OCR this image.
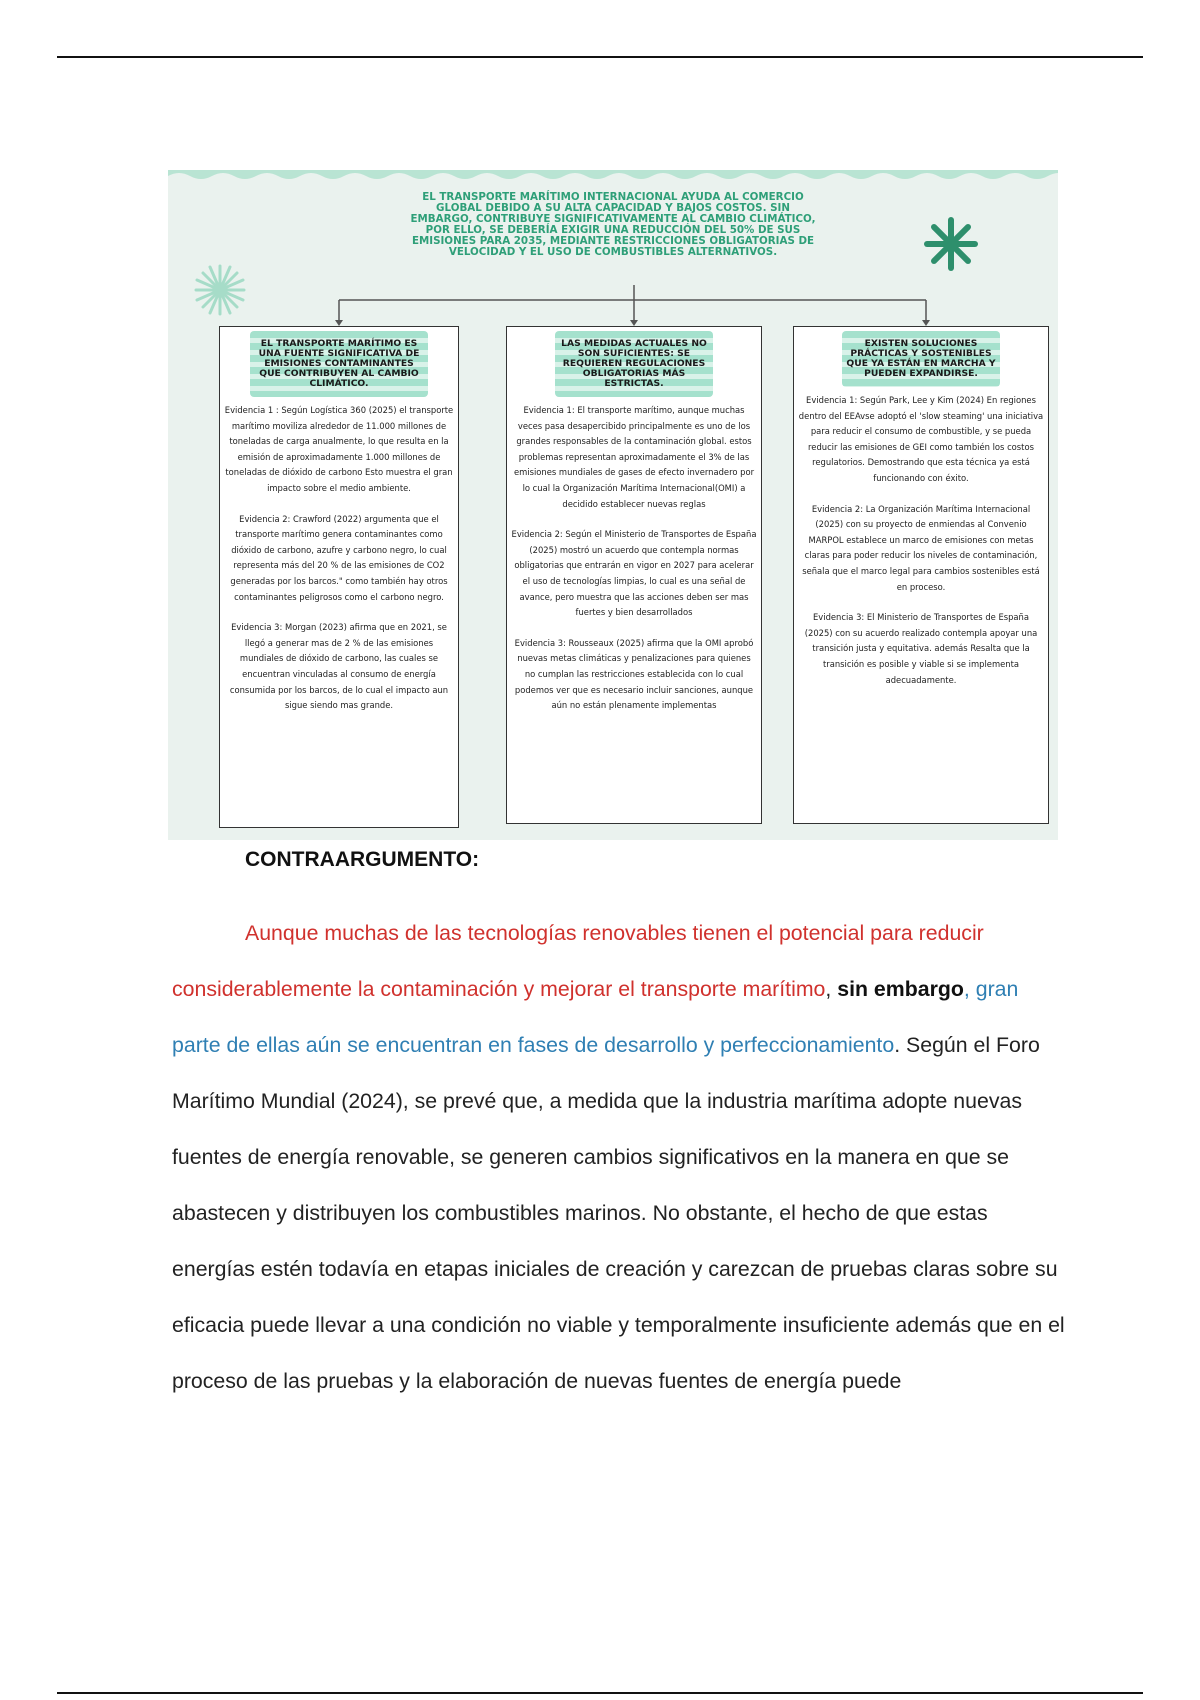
EL TRANSPORTE MARÍTIMO INTERNACIONAL AYUDA AL COMERCIO GLOBAL DEBIDO A SU ALTA CAPACIDAD Y BAJOS COSTOS. SIN EMBARGO, CONTRIBUYE SIGNIFICATIVAMENTE AL CAMBIO CLIMÁTICO, POR ELLO, SE DEBERÍA EXIGIR UNA REDUCCIÓN DEL 50% DE SUS EMISIONES PARA 2035, MEDIANTE RESTRICCIONES OBLIGATORIAS DE VELOCIDAD Y EL USO DE COMBUSTIBLES ALTERNATIVOS.

EL TRANSPORTE MARÍTIMO ES UNA FUENTE SIGNIFICATIVA DE EMISIONES CONTAMINANTES QUE CONTRIBUYEN AL CAMBIO CLIMÁTICO.

Evidencia 1 : Según Logística 360 (2025) el transporte marítimo moviliza alrededor de 11.000 millones de toneladas de carga anualmente, lo que resulta en la emisión de aproximadamente 1.000 millones de toneladas de dióxido de carbono Esto muestra el gran impacto sobre el medio ambiente.

Evidencia 2: Crawford (2022) argumenta que el transporte marítimo genera contaminantes como dióxido de carbono, azufre y carbono negro, lo cual representa más del 20 % de las emisiones de CO2 generadas por los barcos." como también hay otros contaminantes peligrosos como el carbono negro.

Evidencia 3: Morgan (2023) afirma que en 2021, se llegó a generar mas de 2 % de las emisiones mundiales de dióxido de carbono, las cuales se encuentran vinculadas al consumo de energía consumida por los barcos, de lo cual el impacto aun sigue siendo mas grande.

LAS MEDIDAS ACTUALES NO SON SUFICIENTES: SE REQUIEREN REGULACIONES OBLIGATORIAS MÁS ESTRICTAS.

Evidencia 1: El transporte marítimo, aunque muchas veces pasa desapercibido principalmente es uno de los grandes responsables de la contaminación global. estos problemas representan aproximadamente el 3% de las emisiones mundiales de gases de efecto invernadero por lo cual la Organización Marítima Internacional(OMI) a decidido establecer nuevas reglas

Evidencia 2: Según el Ministerio de Transportes de España (2025) mostró un acuerdo que contempla normas obligatorias que entrarán en vigor en 2027 para acelerar el uso de tecnologías limpias, lo cual es una señal de avance, pero muestra que las acciones deben ser mas fuertes y bien desarrollados

Evidencia 3: Rousseaux (2025) afirma que la OMI aprobó nuevas metas climáticas y penalizaciones para quienes no cumplan las restricciones establecida con lo cual podemos ver que es necesario incluir sanciones, aunque aún no están plenamente implementas

EXISTEN SOLUCIONES PRÁCTICAS Y SOSTENIBLES QUE YA ESTÁN EN MARCHA Y PUEDEN EXPANDIRSE.

Evidencia 1: Según Park, Lee y Kim (2024) En regiones dentro del EEAvse adoptó el 'slow steaming' una iniciativa para reducir el consumo de combustible, y se pueda reducir las emisiones de GEI como también los costos regulatorios. Demostrando que esta técnica ya está funcionando con éxito.

Evidencia 2: La Organización Marítima Internacional (2025) con su proyecto de enmiendas al Convenio MARPOL establece un marco de emisiones con metas claras para poder reducir los niveles de contaminación, señala que el marco legal para cambios sostenibles está en proceso.

Evidencia 3: El Ministerio de Transportes de España (2025) con su acuerdo realizado contempla apoyar una transición justa y equitativa. además Resalta que la transición es posible y viable si se implementa adecuadamente.

CONTRAARGUMENTO:

Aunque muchas de las tecnologías renovables tienen el potencial para reducir considerablemente la contaminación y mejorar el transporte marítimo, sin embargo, gran parte de ellas aún se encuentran en fases de desarrollo y perfeccionamiento. Según el Foro Marítimo Mundial (2024), se prevé que, a medida que la industria marítima adopte nuevas fuentes de energía renovable, se generen cambios significativos en la manera en que se abastecen y distribuyen los combustibles marinos. No obstante, el hecho de que estas energías estén todavía en etapas iniciales de creación y carezcan de pruebas claras sobre su eficacia puede llevar a una condición no viable y temporalmente insuficiente además que en el proceso de las pruebas y la elaboración de nuevas fuentes de energía puede
